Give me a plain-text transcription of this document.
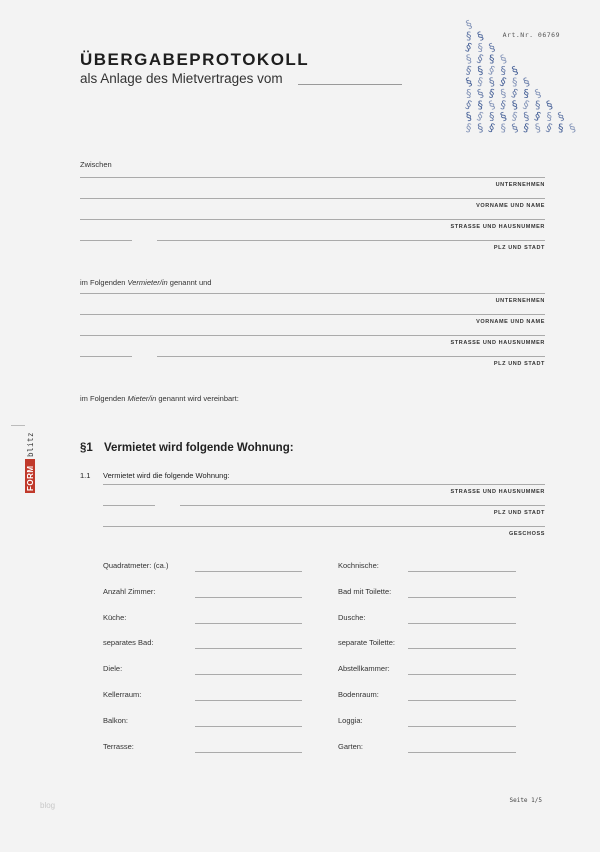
ÜBERGABEPROTOKOLL
als Anlage des Mietvertrages vom
Art.Nr. 06769
§
§ §
§ § §
§ § § §
§ § § § §
§ § § § § §
§ § § § § § §
§ § § § § § § §
§ § § § § § § § §
§ § § § § § § § § §
Zwischen
UNTERNEHMEN
VORNAME UND NAME
STRASSE UND HAUSNUMMER
PLZ UND STADT
im Folgenden Vermieter/in genannt und
UNTERNEHMEN
VORNAME UND NAME
STRASSE UND HAUSNUMMER
PLZ UND STADT
im Folgenden Mieter/in genannt wird vereinbart:
FORM
blitz	§1 Vermietet wird folgende Wohnung:
1.1 Vermietet wird die folgende Wohnung:
STRASSE UND HAUSNUMMER
PLZ UND STADT
GESCHOSS
Quadratmeter: (ca.)
Anzahl Zimmer:
Küche:
separates Bad:
Diele:
Kellerraum:
Balkon:
Terrasse:
Kochnische:
Bad mit Toilette:
Dusche:
separate Toilette:
Abstellkammer:
Bodenraum:
Loggia:
Garten:
blog
Seite 1/5
